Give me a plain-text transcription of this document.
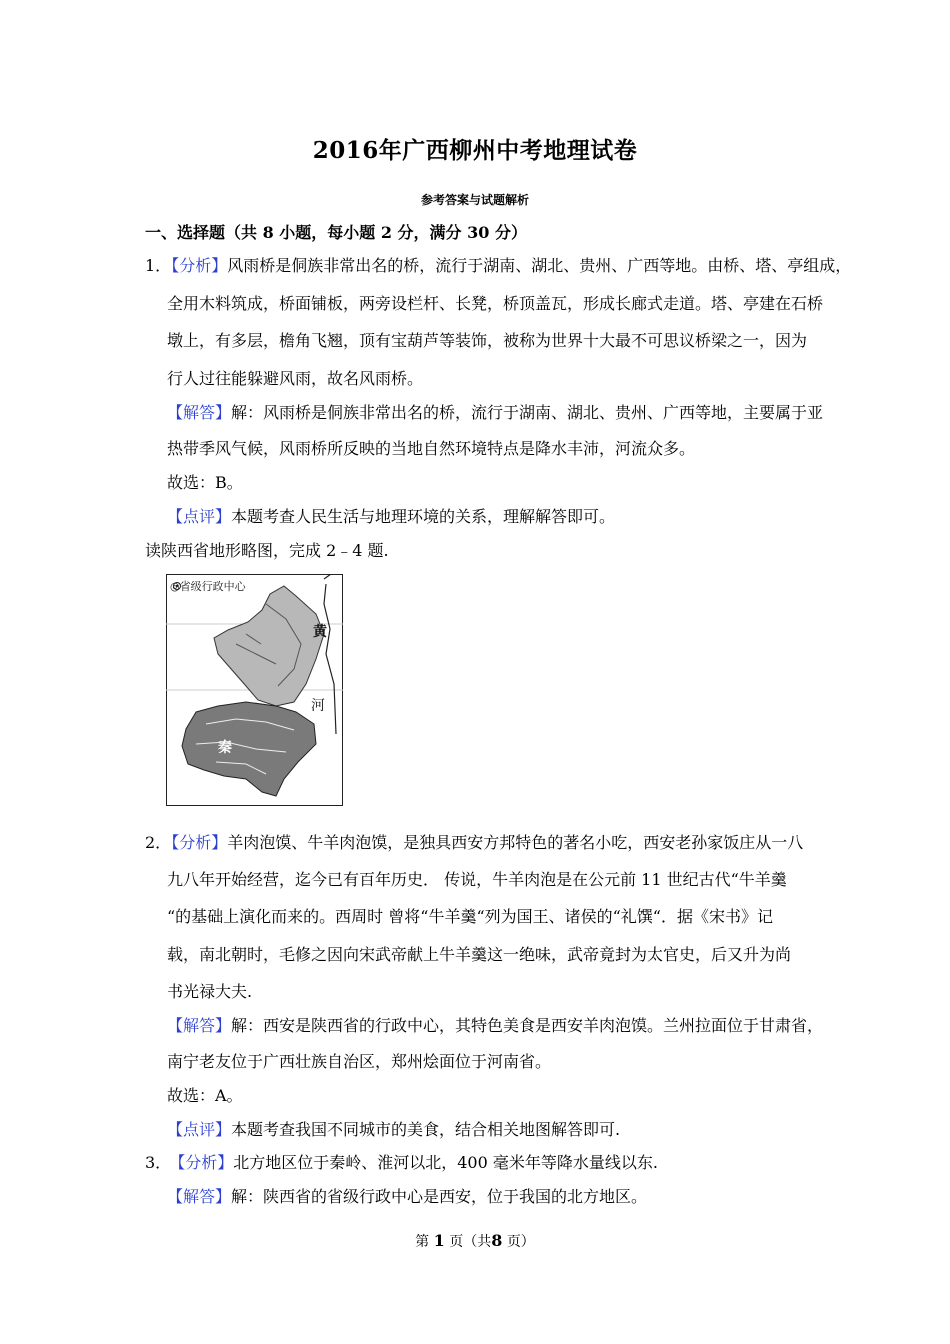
2016年广西柳州中考地理试卷
参考答案与试题解析
一、选择题（共 8 小题，每小题 2 分，满分 30 分）
1．【分析】风雨桥是侗族非常出名的桥，流行于湖南、湖北、贵州、广西等地。由桥、塔、亭组成，
全用木料筑成，桥面铺板，两旁设栏杆、长凳，桥顶盖瓦，形成长廊式走道。塔、亭建在石桥
墩上，有多层，檐角飞翘，顶有宝葫芦等装饰，被称为世界十大最不可思议桥梁之一，因为
行人过往能躲避风雨，故名风雨桥。
【解答】解：风雨桥是侗族非常出名的桥，流行于湖南、湖北、贵州、广西等地，主要属于亚
热带季风气候，风雨桥所反映的当地自然环境特点是降水丰沛，河流众多。
故选：B。
【点评】本题考查人民生活与地理环境的关系，理解解答即可。
读陕西省地形略图，完成 2﹣4 题.
◎省级行政中心
黄
河
秦
2．【分析】羊肉泡馍、牛羊肉泡馍，是独具西安方邦特色的著名小吃，西安老孙家饭庄从一八
九八年开始经营，迄今已有百年历史． 传说，牛羊肉泡是在公元前 11 世纪古代“牛羊羹
“的基础上演化而来的。西周时 曾将“牛羊羹“列为国王、诸侯的“礼馔“．据《宋书》记
载，南北朝时，毛修之因向宋武帝献上牛羊羹这一绝味，武帝竟封为太官史，后又升为尚
书光禄大夫.
【解答】解：西安是陕西省的行政中心，其特色美食是西安羊肉泡馍。兰州拉面位于甘肃省，
南宁老友位于广西壮族自治区，郑州烩面位于河南省。
故选：A。
【点评】本题考查我国不同城市的美食，结合相关地图解答即可.
3． 【分析】北方地区位于秦岭、淮河以北，400 毫米年等降水量线以东.
【解答】解：陕西省的省级行政中心是西安，位于我国的北方地区。
第 1 页（共8 页）
